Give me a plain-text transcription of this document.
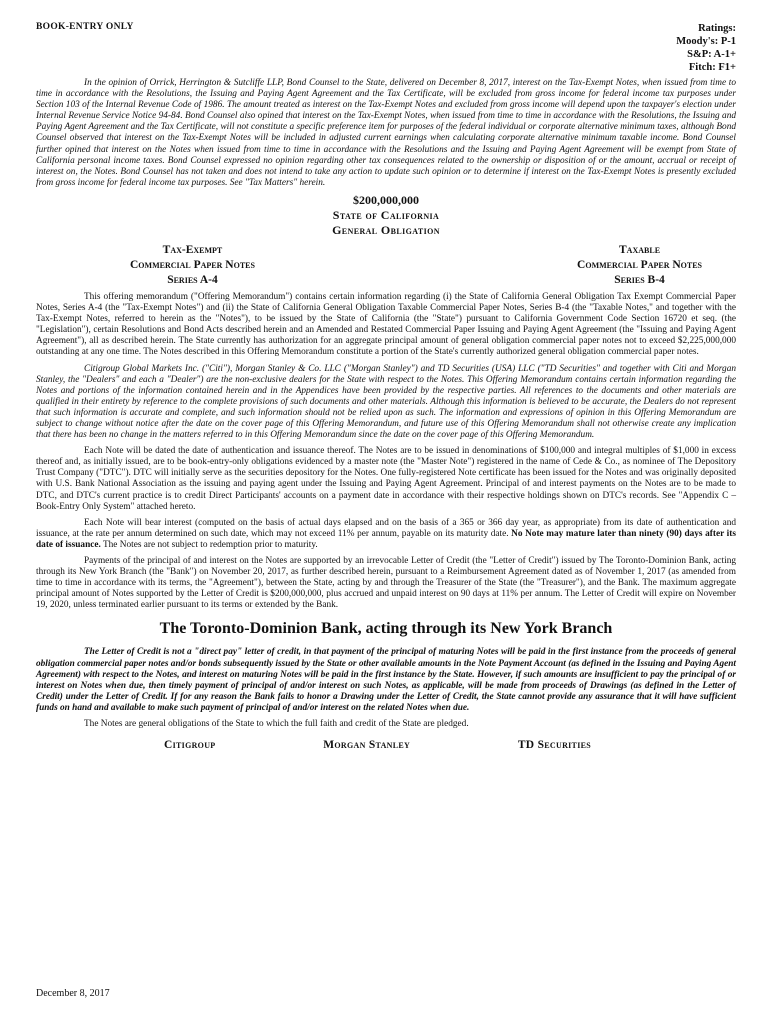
BOOK-ENTRY ONLY	Ratings:
Moody's: P-1
S&P: A-1+
Fitch: F1+

In the opinion of Orrick, Herrington & Sutcliffe LLP, Bond Counsel to the State, delivered on December 8, 2017, interest on the Tax-Exempt Notes, when issued from time to time in accordance with the Resolutions, the Issuing and Paying Agent Agreement and the Tax Certificate, will be excluded from gross income for federal income tax purposes under Section 103 of the Internal Revenue Code of 1986. The amount treated as interest on the Tax-Exempt Notes and excluded from gross income will depend upon the taxpayer's election under Internal Revenue Service Notice 94-84. Bond Counsel also opined that interest on the Tax-Exempt Notes, when issued from time to time in accordance with the Resolutions, the Issuing and Paying Agent Agreement and the Tax Certificate, will not constitute a specific preference item for purposes of the federal individual or corporate alternative minimum taxes, although Bond Counsel observed that interest on the Tax-Exempt Notes will be included in adjusted current earnings when calculating corporate alternative minimum taxable income. Bond Counsel further opined that interest on the Notes when issued from time to time in accordance with the Resolutions and the Issuing and Paying Agent Agreement will be exempt from State of California personal income taxes. Bond Counsel expressed no opinion regarding other tax consequences related to the ownership or disposition of or the amount, accrual or receipt of interest on, the Notes. Bond Counsel has not taken and does not intend to take any action to update such opinion or to determine if interest on the Tax-Exempt Notes is presently excluded from gross income for federal income tax purposes. See "Tax Matters" herein.

$200,000,000
State of California
General Obligation
Tax-Exempt
Commercial Paper Notes
Series A-4
Taxable
Commercial Paper Notes
Series B-4

This offering memorandum ("Offering Memorandum") contains certain information regarding (i) the State of California General Obligation Tax Exempt Commercial Paper Notes, Series A-4 (the "Tax-Exempt Notes") and (ii) the State of California General Obligation Taxable Commercial Paper Notes, Series B-4 (the "Taxable Notes," and together with the Tax-Exempt Notes, referred to herein as the "Notes"), to be issued by the State of California (the "State") pursuant to California Government Code Section 16720 et seq. (the "Legislation"), certain Resolutions and Bond Acts described herein and an Amended and Restated Commercial Paper Issuing and Paying Agent Agreement (the "Issuing and Paying Agent Agreement"), all as described herein. The State currently has authorization for an aggregate principal amount of general obligation commercial paper notes not to exceed $2,225,000,000 outstanding at any one time. The Notes described in this Offering Memorandum constitute a portion of the State's currently authorized general obligation commercial paper notes.

Citigroup Global Markets Inc. ("Citi"), Morgan Stanley & Co. LLC ("Morgan Stanley") and TD Securities (USA) LLC ("TD Securities" and together with Citi and Morgan Stanley, the "Dealers" and each a "Dealer") are the non-exclusive dealers for the State with respect to the Notes. This Offering Memorandum contains certain information regarding the Notes and portions of the information contained herein and in the Appendices have been provided by the respective parties. All references to the documents and other materials are qualified in their entirety by reference to the complete provisions of such documents and other materials. Although this information is believed to be accurate, the Dealers do not represent that such information is accurate and complete, and such information should not be relied upon as such. The information and expressions of opinion in this Offering Memorandum are subject to change without notice after the date on the cover page of this Offering Memorandum, and future use of this Offering Memorandum shall not otherwise create any implication that there has been no change in the matters referred to in this Offering Memorandum since the date on the cover page of this Offering Memorandum.

Each Note will be dated the date of authentication and issuance thereof. The Notes are to be issued in denominations of $100,000 and integral multiples of $1,000 in excess thereof and, as initially issued, are to be book-entry-only obligations evidenced by a master note (the "Master Note") registered in the name of Cede & Co., as nominee of The Depository Trust Company ("DTC"). DTC will initially serve as the securities depository for the Notes. One fully-registered Note certificate has been issued for the Notes and was originally deposited with U.S. Bank National Association as the issuing and paying agent under the Issuing and Paying Agent Agreement. Principal of and interest payments on the Notes are to be made to DTC, and DTC's current practice is to credit Direct Participants' accounts on a payment date in accordance with their respective holdings shown on DTC's records. See "Appendix C – Book-Entry Only System" attached hereto.

Each Note will bear interest (computed on the basis of actual days elapsed and on the basis of a 365 or 366 day year, as appropriate) from its date of authentication and issuance, at the rate per annum determined on such date, which may not exceed 11% per annum, payable on its maturity date. No Note may mature later than ninety (90) days after its date of issuance. The Notes are not subject to redemption prior to maturity.

Payments of the principal of and interest on the Notes are supported by an irrevocable Letter of Credit (the "Letter of Credit") issued by The Toronto-Dominion Bank, acting through its New York Branch (the "Bank") on November 20, 2017, as further described herein, pursuant to a Reimbursement Agreement dated as of November 1, 2017 (as amended from time to time in accordance with its terms, the "Agreement"), between the State, acting by and through the Treasurer of the State (the "Treasurer"), and the Bank. The maximum aggregate principal amount of Notes supported by the Letter of Credit is $200,000,000, plus accrued and unpaid interest on 90 days at 11% per annum. The Letter of Credit will expire on November 19, 2020, unless terminated earlier pursuant to its terms or extended by the Bank.

The Toronto-Dominion Bank, acting through its New York Branch

The Letter of Credit is not a "direct pay" letter of credit, in that payment of the principal of maturing Notes will be paid in the first instance from the proceeds of general obligation commercial paper notes and/or bonds subsequently issued by the State or other available amounts in the Note Payment Account (as defined in the Issuing and Paying Agent Agreement) with respect to the Notes, and interest on maturing Notes will be paid in the first instance by the State. However, if such amounts are insufficient to pay the principal of or interest on Notes when due, then timely payment of principal of and/or interest on such Notes, as applicable, will be made from proceeds of Drawings (as defined in the Letter of Credit) under the Letter of Credit. If for any reason the Bank fails to honor a Drawing under the Letter of Credit, the State cannot provide any assurance that it will have sufficient funds on hand and available to make such payment of principal of and/or interest on the related Notes when due.

The Notes are general obligations of the State to which the full faith and credit of the State are pledged.

Citigroup	Morgan Stanley	TD Securities
December 8, 2017
